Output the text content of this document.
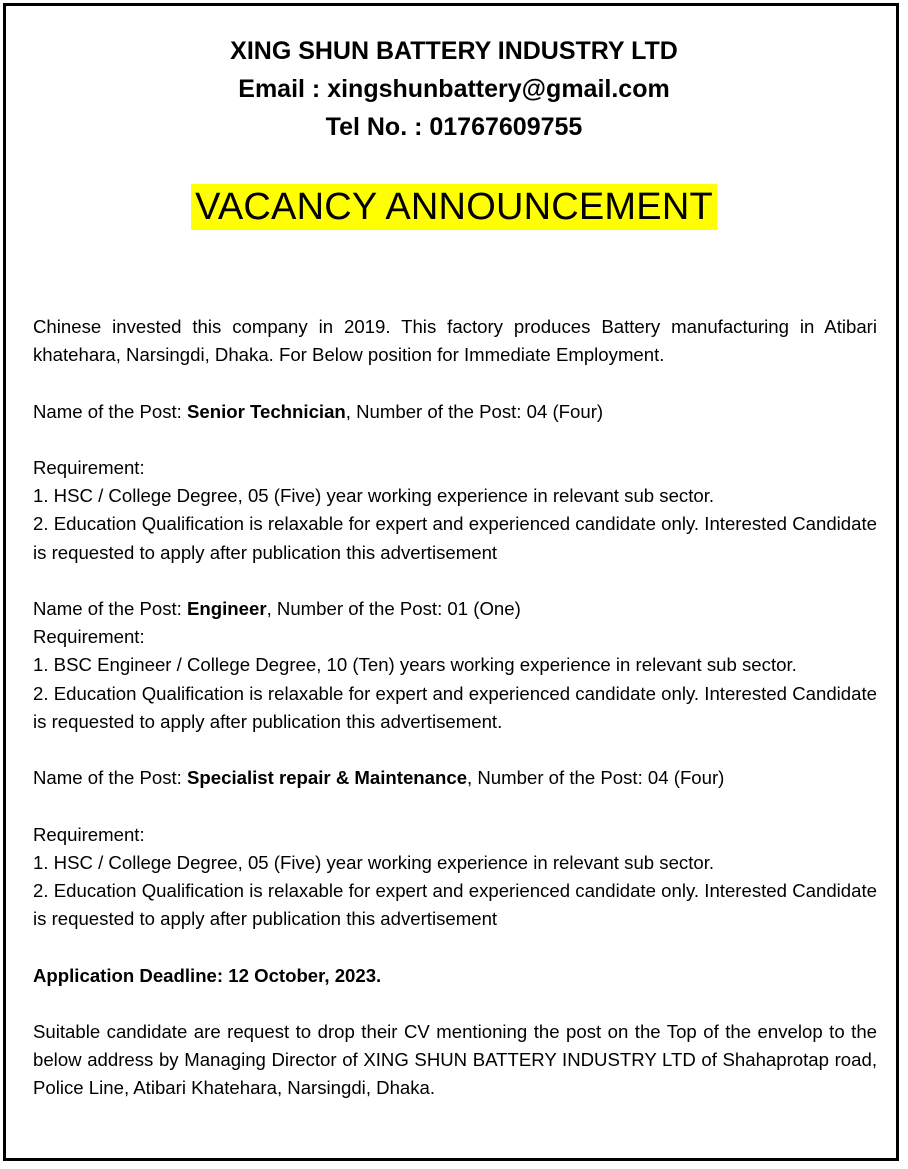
XING SHUN BATTERY INDUSTRY LTD
Email : xingshunbattery@gmail.com
Tel No. : 01767609755
VACANCY ANNOUNCEMENT

Chinese invested this company in 2019. This factory produces Battery manufacturing in Atibari khatehara, Narsingdi, Dhaka. For Below position for Immediate Employment.

Name of the Post: Senior Technician, Number of the Post: 04 (Four)

Requirement:

1. HSC / College Degree, 05 (Five) year working experience in relevant sub sector.

2. Education Qualification is relaxable for expert and experienced candidate only. Interested Candidate is requested to apply after publication this advertisement

Name of the Post: Engineer, Number of the Post: 01 (One)

Requirement:

1. BSC Engineer / College Degree, 10 (Ten) years working experience in relevant sub sector.

2. Education Qualification is relaxable for expert and experienced candidate only. Interested Candidate is requested to apply after publication this advertisement.

Name of the Post: Specialist repair & Maintenance, Number of the Post: 04 (Four)

Requirement:

1. HSC / College Degree, 05 (Five) year working experience in relevant sub sector.

2. Education Qualification is relaxable for expert and experienced candidate only. Interested Candidate is requested to apply after publication this advertisement

Application Deadline: 12 October, 2023.

Suitable candidate are request to drop their CV mentioning the post on the Top of the envelop to the below address by Managing Director of XING SHUN BATTERY INDUSTRY LTD of Shahaprotap road, Police Line, Atibari Khatehara, Narsingdi, Dhaka.
